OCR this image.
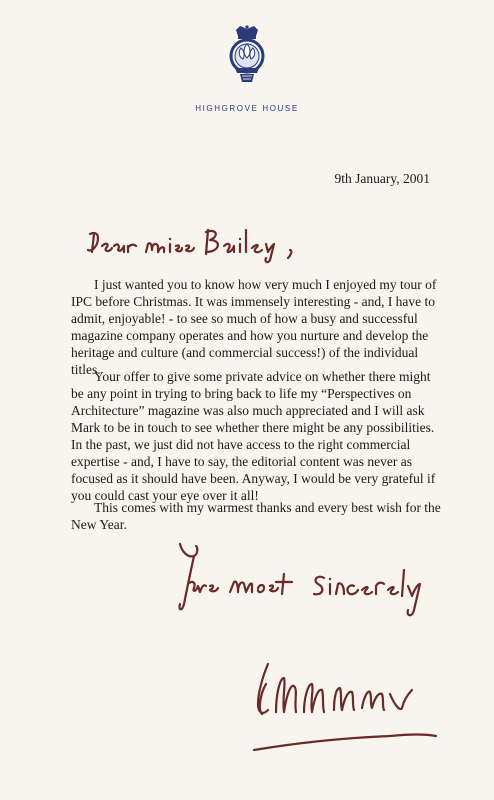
HIGHGROVE HOUSE
9th January, 2001

I just wanted you to know how very much I enjoyed my tour of IPC before Christmas. It was immensely interesting - and, I have to admit, enjoyable! - to see so much of how a busy and successful magazine company operates and how you nurture and develop the heritage and culture (and commercial success!) of the individual titles.

Your offer to give some private advice on whether there might be any point in trying to bring back to life my “Perspectives on Architecture” magazine was also much appreciated and I will ask Mark to be in touch to see whether there might be any possibilities. In the past, we just did not have access to the right commercial expertise - and, I have to say, the editorial content was never as focused as it should have been. Anyway, I would be very grateful if you could cast your eye over it all!

This comes with my warmest thanks and every best wish for the New Year.
